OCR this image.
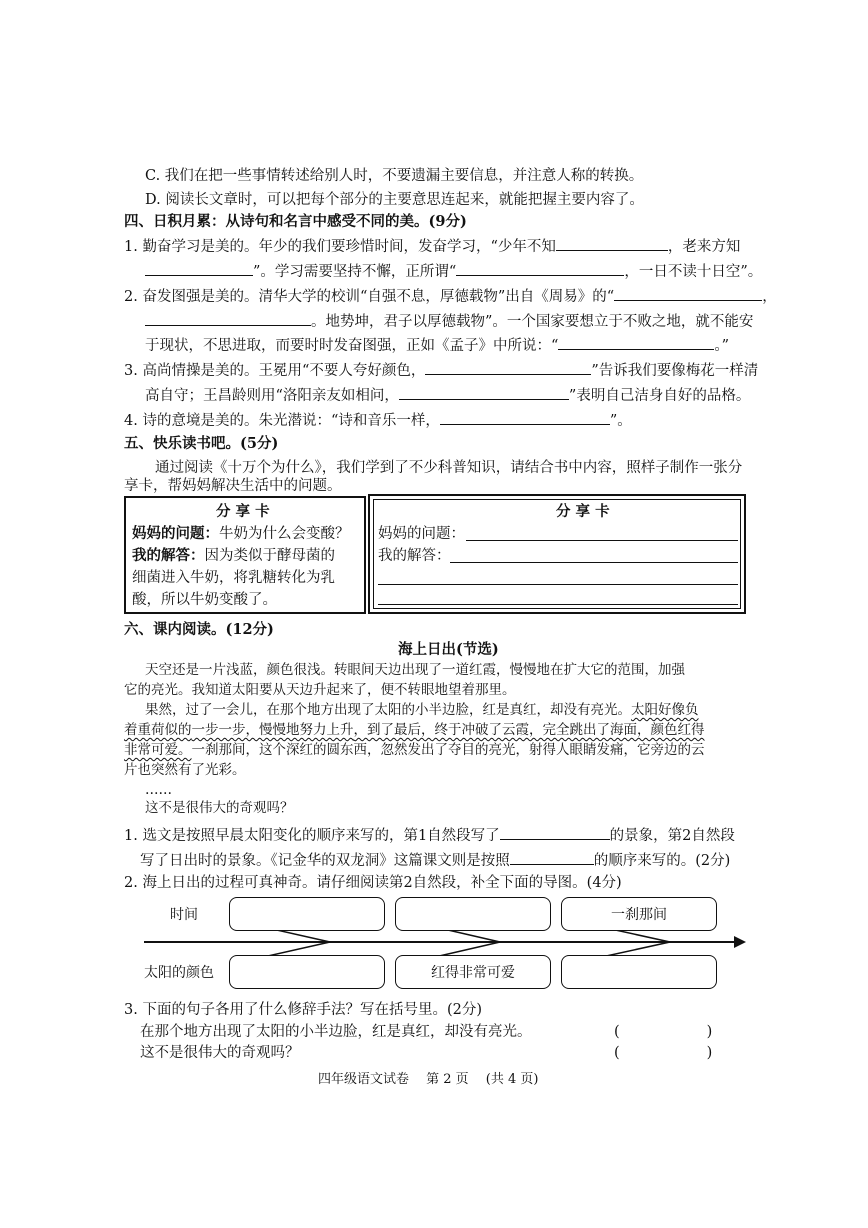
C. 我们在把一些事情转述给别人时，不要遗漏主要信息，并注意人称的转换。
D. 阅读长文章时，可以把每个部分的主要意思连起来，就能把握主要内容了。
四、日积月累：从诗句和名言中感受不同的美。(9分)
1. 勤奋学习是美的。年少的我们要珍惜时间，发奋学习，“少年不知	，老来方知
”。学习需要坚持不懈，正所谓“	，一日不读十日空”。
2. 奋发图强是美的。清华大学的校训“自强不息，厚德载物”出自《周易》的“	，
。地势坤，君子以厚德载物”。一个国家要想立于不败之地，就不能安
于现状，不思进取，而要时时发奋图强，正如《孟子》中所说：“	。”
3. 高尚情操是美的。王冕用“不要人夸好颜色，	”告诉我们要像梅花一样清
高自守；王昌龄则用“洛阳亲友如相问，	”表明自己洁身自好的品格。
4. 诗的意境是美的。朱光潜说：“诗和音乐一样，	”。
五、快乐读书吧。(5分)
通过阅读《十万个为什么》，我们学到了不少科普知识，请结合书中内容，照样子制作一张分
享卡，帮妈妈解决生活中的问题。
分 享 卡
妈妈的问题：牛奶为什么会变酸？
我的解答：因为类似于酵母菌的
细菌进入牛奶，将乳糖转化为乳
酸，所以牛奶变酸了。
分 享 卡
妈妈的问题：
我的解答：
六、课内阅读。(12分)
海上日出(节选)
天空还是一片浅蓝，颜色很浅。转眼间天边出现了一道红霞，慢慢地在扩大它的范围，加强
它的亮光。我知道太阳要从天边升起来了，便不转眼地望着那里。
果然，过了一会儿，在那个地方出现了太阳的小半边脸，红是真红，却没有亮光。太阳好像负
着重荷似的一步一步，慢慢地努力上升，到了最后，终于冲破了云霞，完全跳出了海面，颜色红得
非常可爱。一刹那间，这个深红的圆东西，忽然发出了夺目的亮光，射得人眼睛发痛，它旁边的云
片也突然有了光彩。
……
这不是很伟大的奇观吗？
1. 选文是按照早晨太阳变化的顺序来写的，第1自然段写了	的景象，第2自然段
写了日出时的景象。《记金华的双龙洞》这篇课文则是按照	的顺序来写的。(2分)
2. 海上日出的过程可真神奇。请仔细阅读第2自然段，补全下面的导图。(4分)
时间
太阳的颜色
一刹那间
红得非常可爱
3. 下面的句子各用了什么修辞手法？写在括号里。(2分)
在那个地方出现了太阳的小半边脸，红是真红，却没有亮光。	(　　　　　　)
这不是很伟大的奇观吗？	(　　　　　　)
四年级语文试卷　 第 2 页　 (共 4 页)
